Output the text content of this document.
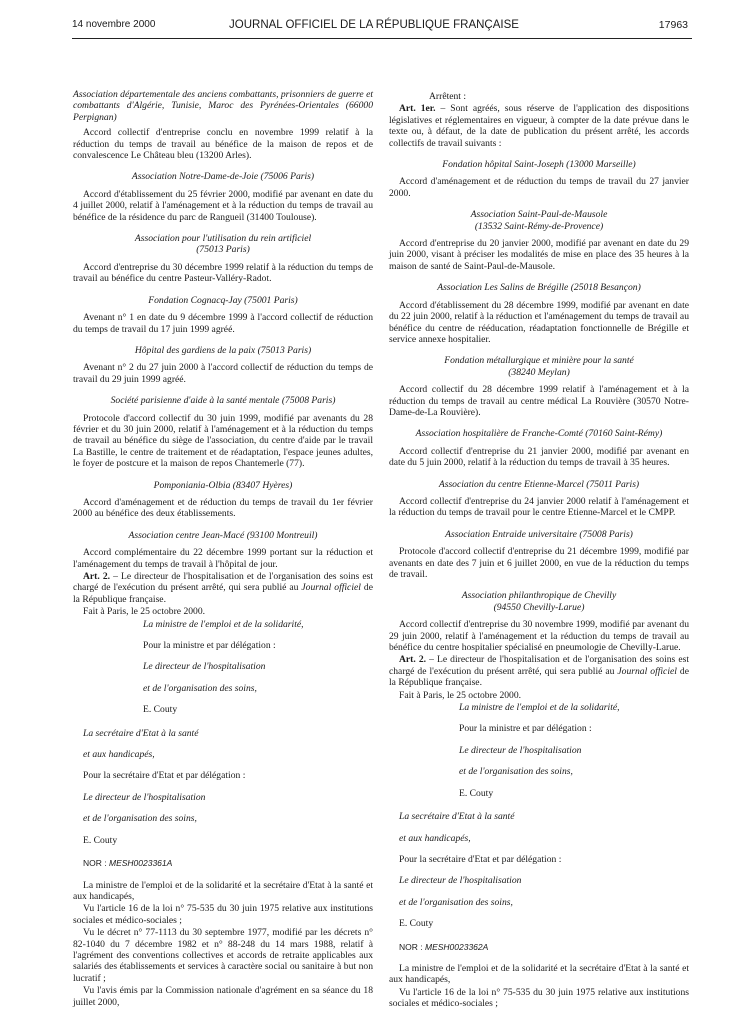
14 novembre 2000	JOURNAL OFFICIEL DE LA RÉPUBLIQUE FRANÇAISE	17963

Association départementale des anciens combattants, prisonniers de guerre et combattants d'Algérie, Tunisie, Maroc des Pyrénées-Orientales (66000 Perpignan)

Accord collectif d'entreprise conclu en novembre 1999 relatif à la réduction du temps de travail au bénéfice de la maison de repos et de convalescence Le Château bleu (13200 Arles).

Association Notre-Dame-de-Joie (75006 Paris)

Accord d'établissement du 25 février 2000, modifié par avenant en date du 4 juillet 2000, relatif à l'aménagement et à la réduction du temps de travail au bénéfice de la résidence du parc de Rangueil (31400 Toulouse).

Association pour l'utilisation du rein artificiel

(75013 Paris)

Accord d'entreprise du 30 décembre 1999 relatif à la réduction du temps de travail au bénéfice du centre Pasteur-Valléry-Radot.

Fondation Cognacq-Jay (75001 Paris)

Avenant n° 1 en date du 9 décembre 1999 à l'accord collectif de réduction du temps de travail du 17 juin 1999 agréé.

Hôpital des gardiens de la paix (75013 Paris)

Avenant n° 2 du 27 juin 2000 à l'accord collectif de réduction du temps de travail du 29 juin 1999 agréé.

Société parisienne d'aide à la santé mentale (75008 Paris)

Protocole d'accord collectif du 30 juin 1999, modifié par avenants du 28 février et du 30 juin 2000, relatif à l'aménagement et à la réduction du temps de travail au bénéfice du siège de l'association, du centre d'aide par le travail La Bastille, le centre de traitement et de réadaptation, l'espace jeunes adultes, le foyer de postcure et la maison de repos Chantemerle (77).

Pomponiania-Olbia (83407 Hyères)

Accord d'aménagement et de réduction du temps de travail du 1er février 2000 au bénéfice des deux établissements.

Association centre Jean-Macé (93100 Montreuil)

Accord complémentaire du 22 décembre 1999 portant sur la réduction et l'aménagement du temps de travail à l'hôpital de jour.

Art. 2. – Le directeur de l'hospitalisation et de l'organisation des soins est chargé de l'exécution du présent arrêté, qui sera publié au Journal officiel de la République française.

Fait à Paris, le 25 octobre 2000.

La ministre de l'emploi et de la solidarité,

Pour la ministre et par délégation :

Le directeur de l'hospitalisation

et de l'organisation des soins,

E. Couty

La secrétaire d'Etat à la santé

et aux handicapés,

Pour la secrétaire d'Etat et par délégation :

Le directeur de l'hospitalisation

et de l'organisation des soins,

E. Couty

NOR : MESH0023361A

La ministre de l'emploi et de la solidarité et la secrétaire d'Etat à la santé et aux handicapés,

Vu l'article 16 de la loi n° 75-535 du 30 juin 1975 relative aux institutions sociales et médico-sociales ;

Vu le décret n° 77-1113 du 30 septembre 1977, modifié par les décrets n° 82-1040 du 7 décembre 1982 et n° 88-248 du 14 mars 1988, relatif à l'agrément des conventions collectives et accords de retraite applicables aux salariés des établissements et services à caractère social ou sanitaire à but non lucratif ;

Vu l'avis émis par la Commission nationale d'agrément en sa séance du 18 juillet 2000,

Arrêtent :

Art. 1er. – Sont agréés, sous réserve de l'application des dispositions législatives et réglementaires en vigueur, à compter de la date prévue dans le texte ou, à défaut, de la date de publication du présent arrêté, les accords collectifs de travail suivants :

Fondation hôpital Saint-Joseph (13000 Marseille)

Accord d'aménagement et de réduction du temps de travail du 27 janvier 2000.

Association Saint-Paul-de-Mausole

(13532 Saint-Rémy-de-Provence)

Accord d'entreprise du 20 janvier 2000, modifié par avenant en date du 29 juin 2000, visant à préciser les modalités de mise en place des 35 heures à la maison de santé de Saint-Paul-de-Mausole.

Association Les Salins de Brégille (25018 Besançon)

Accord d'établissement du 28 décembre 1999, modifié par avenant en date du 22 juin 2000, relatif à la réduction et l'aménagement du temps de travail au bénéfice du centre de rééducation, réadaptation fonctionnelle de Brégille et service annexe hospitalier.

Fondation métallurgique et minière pour la santé

(38240 Meylan)

Accord collectif du 28 décembre 1999 relatif à l'aménagement et à la réduction du temps de travail au centre médical La Rouvière (30570 Notre-Dame-de-La Rouvière).

Association hospitalière de Franche-Comté (70160 Saint-Rémy)

Accord collectif d'entreprise du 21 janvier 2000, modifié par avenant en date du 5 juin 2000, relatif à la réduction du temps de travail à 35 heures.

Association du centre Etienne-Marcel (75011 Paris)

Accord collectif d'entreprise du 24 janvier 2000 relatif à l'aménagement et la réduction du temps de travail pour le centre Etienne-Marcel et le CMPP.

Association Entraide universitaire (75008 Paris)

Protocole d'accord collectif d'entreprise du 21 décembre 1999, modifié par avenants en date des 7 juin et 6 juillet 2000, en vue de la réduction du temps de travail.

Association philanthropique de Chevilly

(94550 Chevilly-Larue)

Accord collectif d'entreprise du 30 novembre 1999, modifié par avenant du 29 juin 2000, relatif à l'aménagement et la réduction du temps de travail au bénéfice du centre hospitalier spécialisé en pneumologie de Chevilly-Larue.

Art. 2. – Le directeur de l'hospitalisation et de l'organisation des soins est chargé de l'exécution du présent arrêté, qui sera publié au Journal officiel de la République française.

Fait à Paris, le 25 octobre 2000.

La ministre de l'emploi et de la solidarité,

Pour la ministre et par délégation :

Le directeur de l'hospitalisation

et de l'organisation des soins,

E. Couty

La secrétaire d'Etat à la santé

et aux handicapés,

Pour la secrétaire d'Etat et par délégation :

Le directeur de l'hospitalisation

et de l'organisation des soins,

E. Couty

NOR : MESH0023362A

La ministre de l'emploi et de la solidarité et la secrétaire d'Etat à la santé et aux handicapés,

Vu l'article 16 de la loi n° 75-535 du 30 juin 1975 relative aux institutions sociales et médico-sociales ;
